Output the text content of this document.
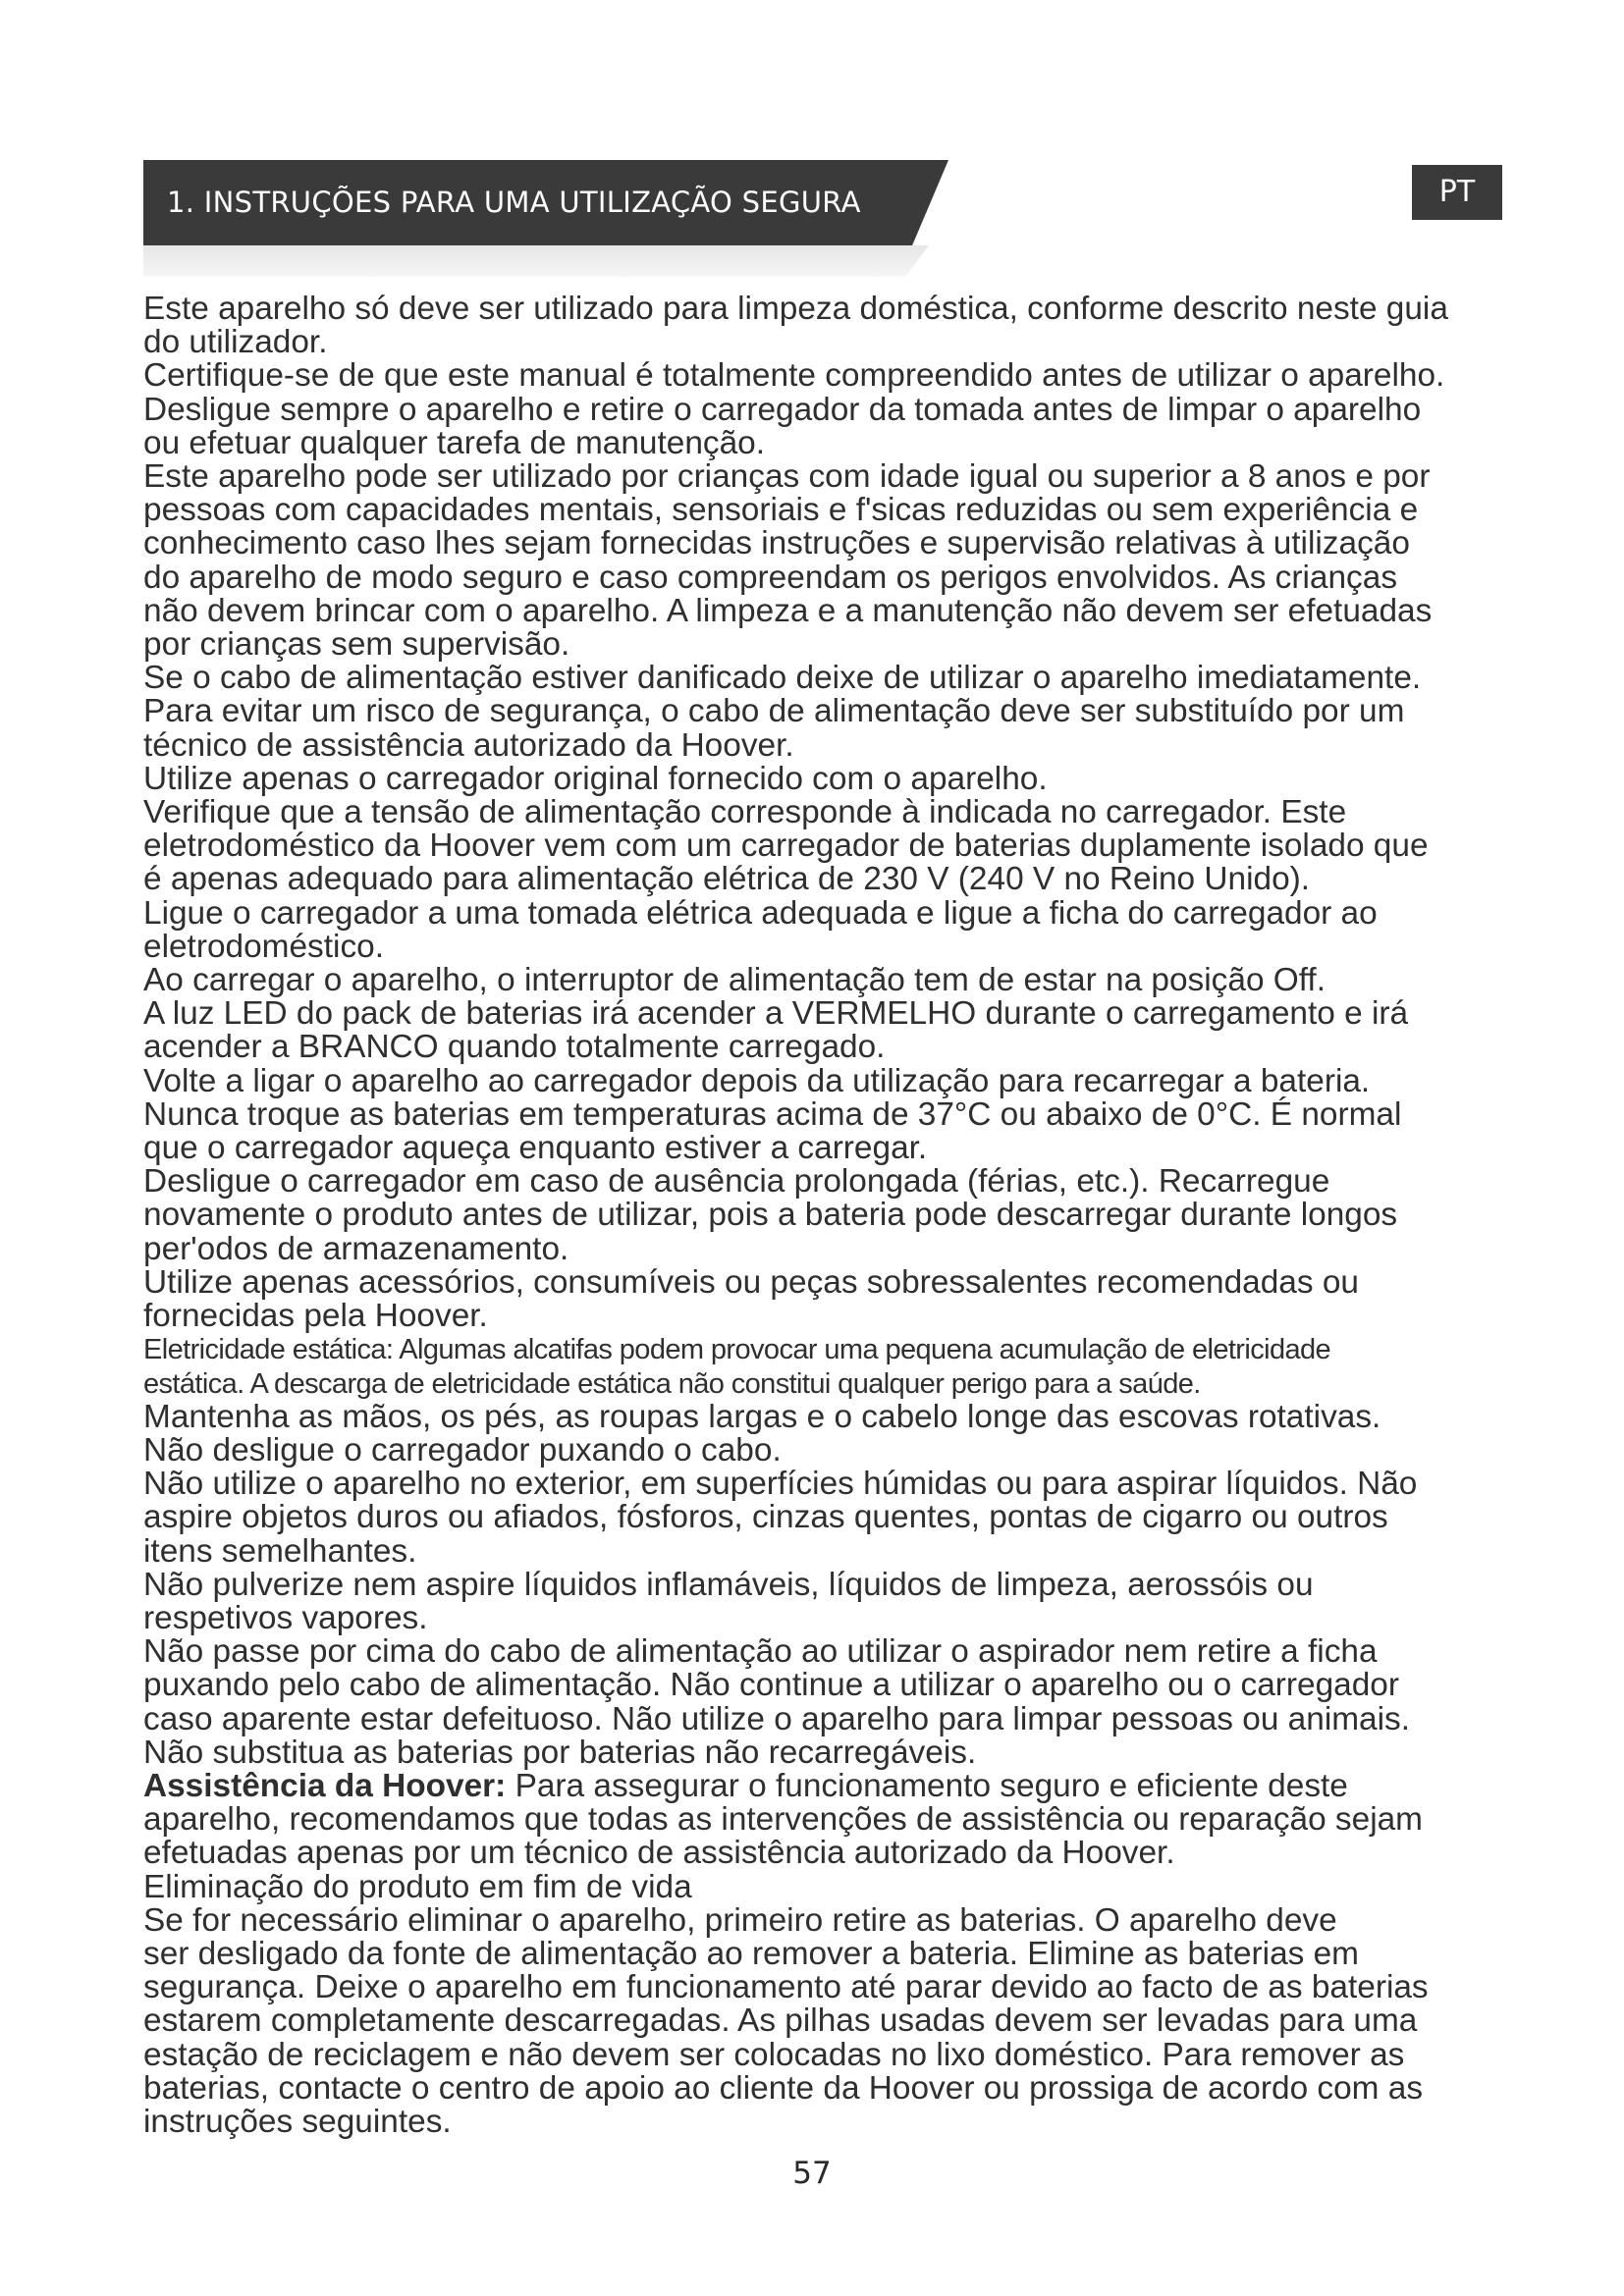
1. INSTRUÇÕES PARA UMA UTILIZAÇÃO SEGURA	PT

Este aparelho só deve ser utilizado para limpeza doméstica, conforme descrito neste guia

do utilizador.

Certifique-se de que este manual é totalmente compreendido antes de utilizar o aparelho.

Desligue sempre o aparelho e retire o carregador da tomada antes de limpar o aparelho

ou efetuar qualquer tarefa de manutenção.

Este aparelho pode ser utilizado por crianças com idade igual ou superior a 8 anos e por

pessoas com capacidades mentais, sensoriais e f'sicas reduzidas ou sem experiência e

conhecimento caso lhes sejam fornecidas instruções e supervisão relativas à utilização

do aparelho de modo seguro e caso compreendam os perigos envolvidos. As crianças

não devem brincar com o aparelho. A limpeza e a manutenção não devem ser efetuadas

por crianças sem supervisão.

Se o cabo de alimentação estiver danificado deixe de utilizar o aparelho imediatamente.

Para evitar um risco de segurança, o cabo de alimentação deve ser substituído por um

técnico de assistência autorizado da Hoover.

Utilize apenas o carregador original fornecido com o aparelho.

Verifique que a tensão de alimentação corresponde à indicada no carregador. Este

eletrodoméstico da Hoover vem com um carregador de baterias duplamente isolado que

é apenas adequado para alimentação elétrica de 230 V (240 V no Reino Unido).

Ligue o carregador a uma tomada elétrica adequada e ligue a ficha do carregador ao

eletrodoméstico.

Ao carregar o aparelho, o interruptor de alimentação tem de estar na posição Off.

A luz LED do pack de baterias irá acender a VERMELHO durante o carregamento e irá

acender a BRANCO quando totalmente carregado.

Volte a ligar o aparelho ao carregador depois da utilização para recarregar a bateria.

Nunca troque as baterias em temperaturas acima de 37°C ou abaixo de 0°C. É normal

que o carregador aqueça enquanto estiver a carregar.

Desligue o carregador em caso de ausência prolongada (férias, etc.). Recarregue

novamente o produto antes de utilizar, pois a bateria pode descarregar durante longos

per'odos de armazenamento.

Utilize apenas acessórios, consumíveis ou peças sobressalentes recomendadas ou

fornecidas pela Hoover.

Eletricidade estática: Algumas alcatifas podem provocar uma pequena acumulação de eletricidade

estática. A descarga de eletricidade estática não constitui qualquer perigo para a saúde.

Mantenha as mãos, os pés, as roupas largas e o cabelo longe das escovas rotativas.

Não desligue o carregador puxando o cabo.

Não utilize o aparelho no exterior, em superfícies húmidas ou para aspirar líquidos. Não

aspire objetos duros ou afiados, fósforos, cinzas quentes, pontas de cigarro ou outros

itens semelhantes.

Não pulverize nem aspire líquidos inflamáveis, líquidos de limpeza, aerossóis ou

respetivos vapores.

Não passe por cima do cabo de alimentação ao utilizar o aspirador nem retire a ficha

puxando pelo cabo de alimentação. Não continue a utilizar o aparelho ou o carregador

caso aparente estar defeituoso. Não utilize o aparelho para limpar pessoas ou animais.

Não substitua as baterias por baterias não recarregáveis.

Assistência da Hoover: Para assegurar o funcionamento seguro e eficiente deste

aparelho, recomendamos que todas as intervenções de assistência ou reparação sejam

efetuadas apenas por um técnico de assistência autorizado da Hoover.

Eliminação do produto em fim de vida

Se for necessário eliminar o aparelho, primeiro retire as baterias. O aparelho deve

ser desligado da fonte de alimentação ao remover a bateria. Elimine as baterias em

segurança. Deixe o aparelho em funcionamento até parar devido ao facto de as baterias

estarem completamente descarregadas. As pilhas usadas devem ser levadas para uma

estação de reciclagem e não devem ser colocadas no lixo doméstico. Para remover as

baterias, contacte o centro de apoio ao cliente da Hoover ou prossiga de acordo com as

instruções seguintes.

57
